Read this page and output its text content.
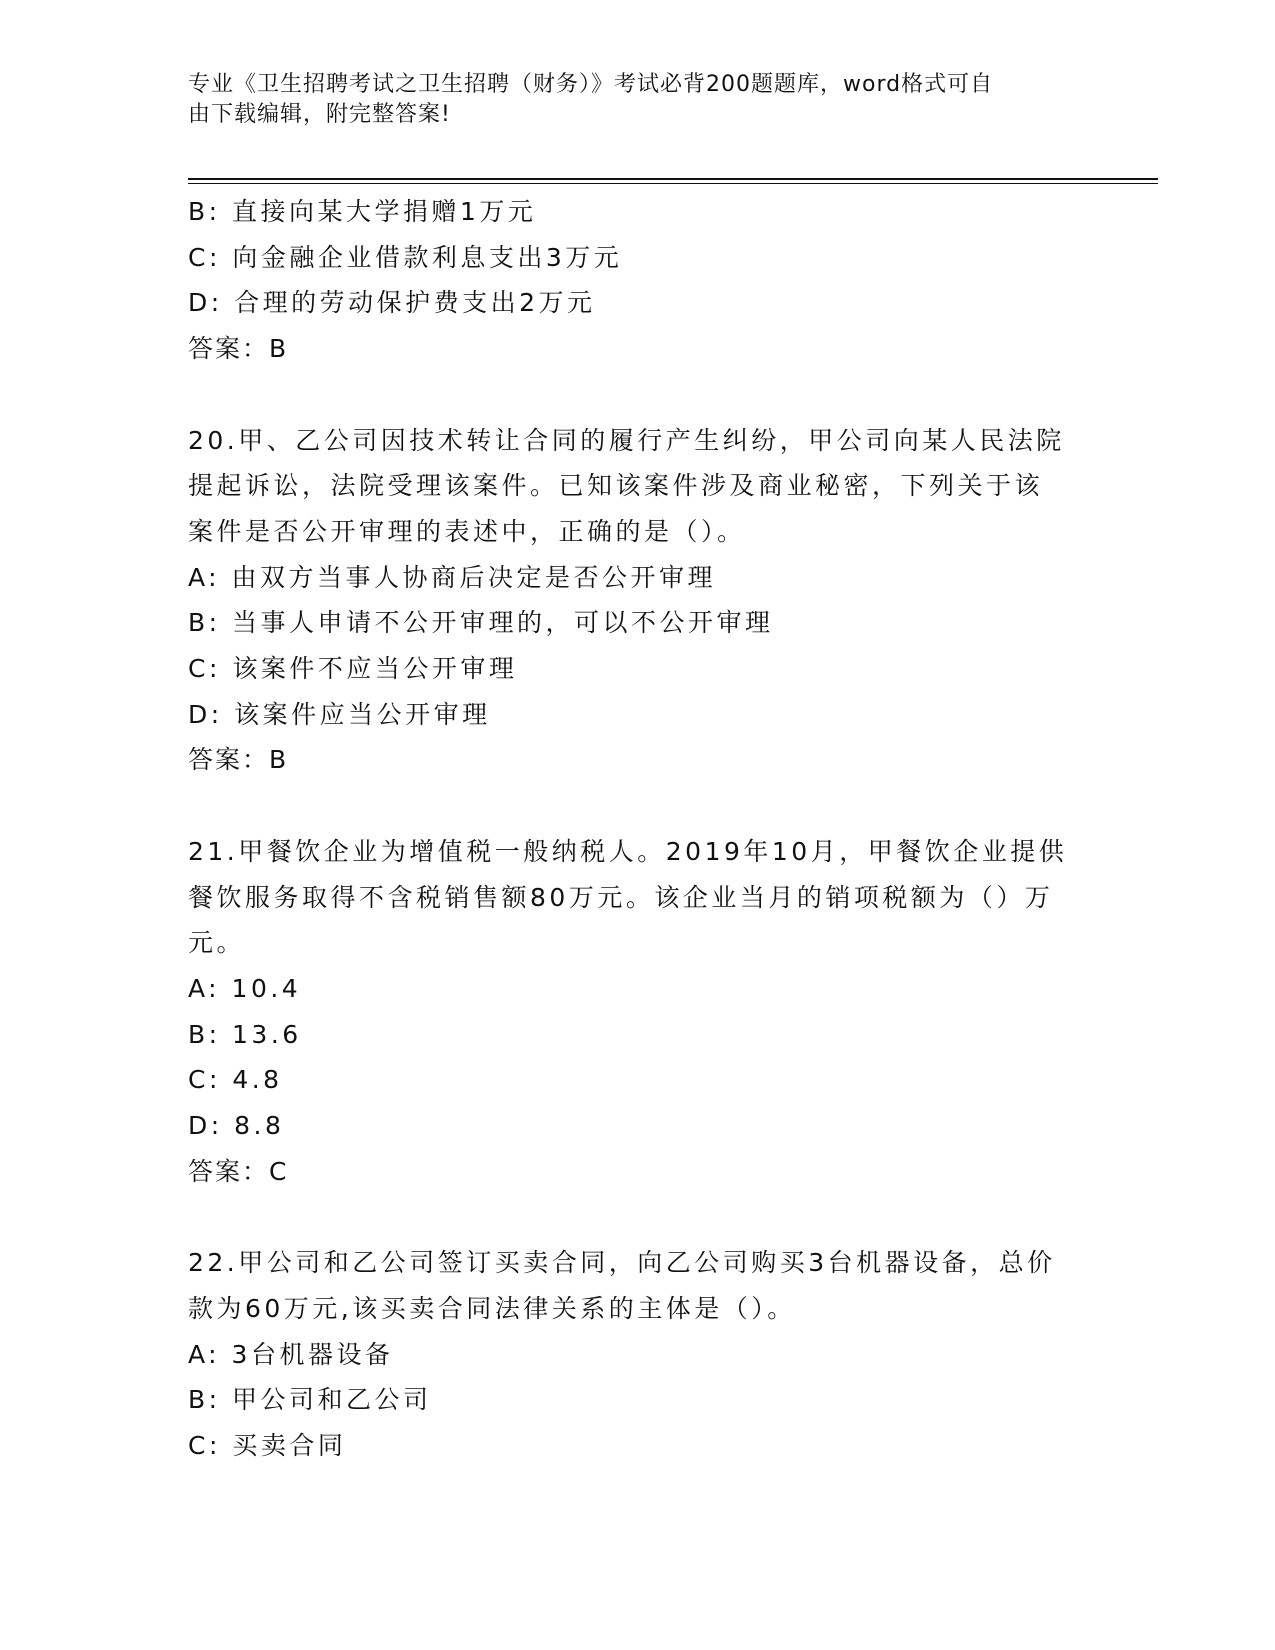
专业《卫生招聘考试之卫生招聘（财务）》考试必背200题题库，word格式可自
由下载编辑，附完整答案!
B: 直接向某大学捐赠1万元
C: 向金融企业借款利息支出3万元
D: 合理的劳动保护费支出2万元
答案：B
20.甲、乙公司因技术转让合同的履行产生纠纷，甲公司向某人民法院
提起诉讼，法院受理该案件。已知该案件涉及商业秘密，下列关于该
案件是否公开审理的表述中，正确的是（）。
A: 由双方当事人协商后决定是否公开审理
B: 当事人申请不公开审理的，可以不公开审理
C: 该案件不应当公开审理
D: 该案件应当公开审理
答案：B
21.甲餐饮企业为增值税一般纳税人。2019年10月，甲餐饮企业提供
餐饮服务取得不含税销售额80万元。该企业当月的销项税额为（）万
元。
A: 10.4
B: 13.6
C: 4.8
D: 8.8
答案：C
22.甲公司和乙公司签订买卖合同，向乙公司购买3台机器设备，总价
款为60万元,该买卖合同法律关系的主体是（）。
A: 3台机器设备
B: 甲公司和乙公司
C: 买卖合同
